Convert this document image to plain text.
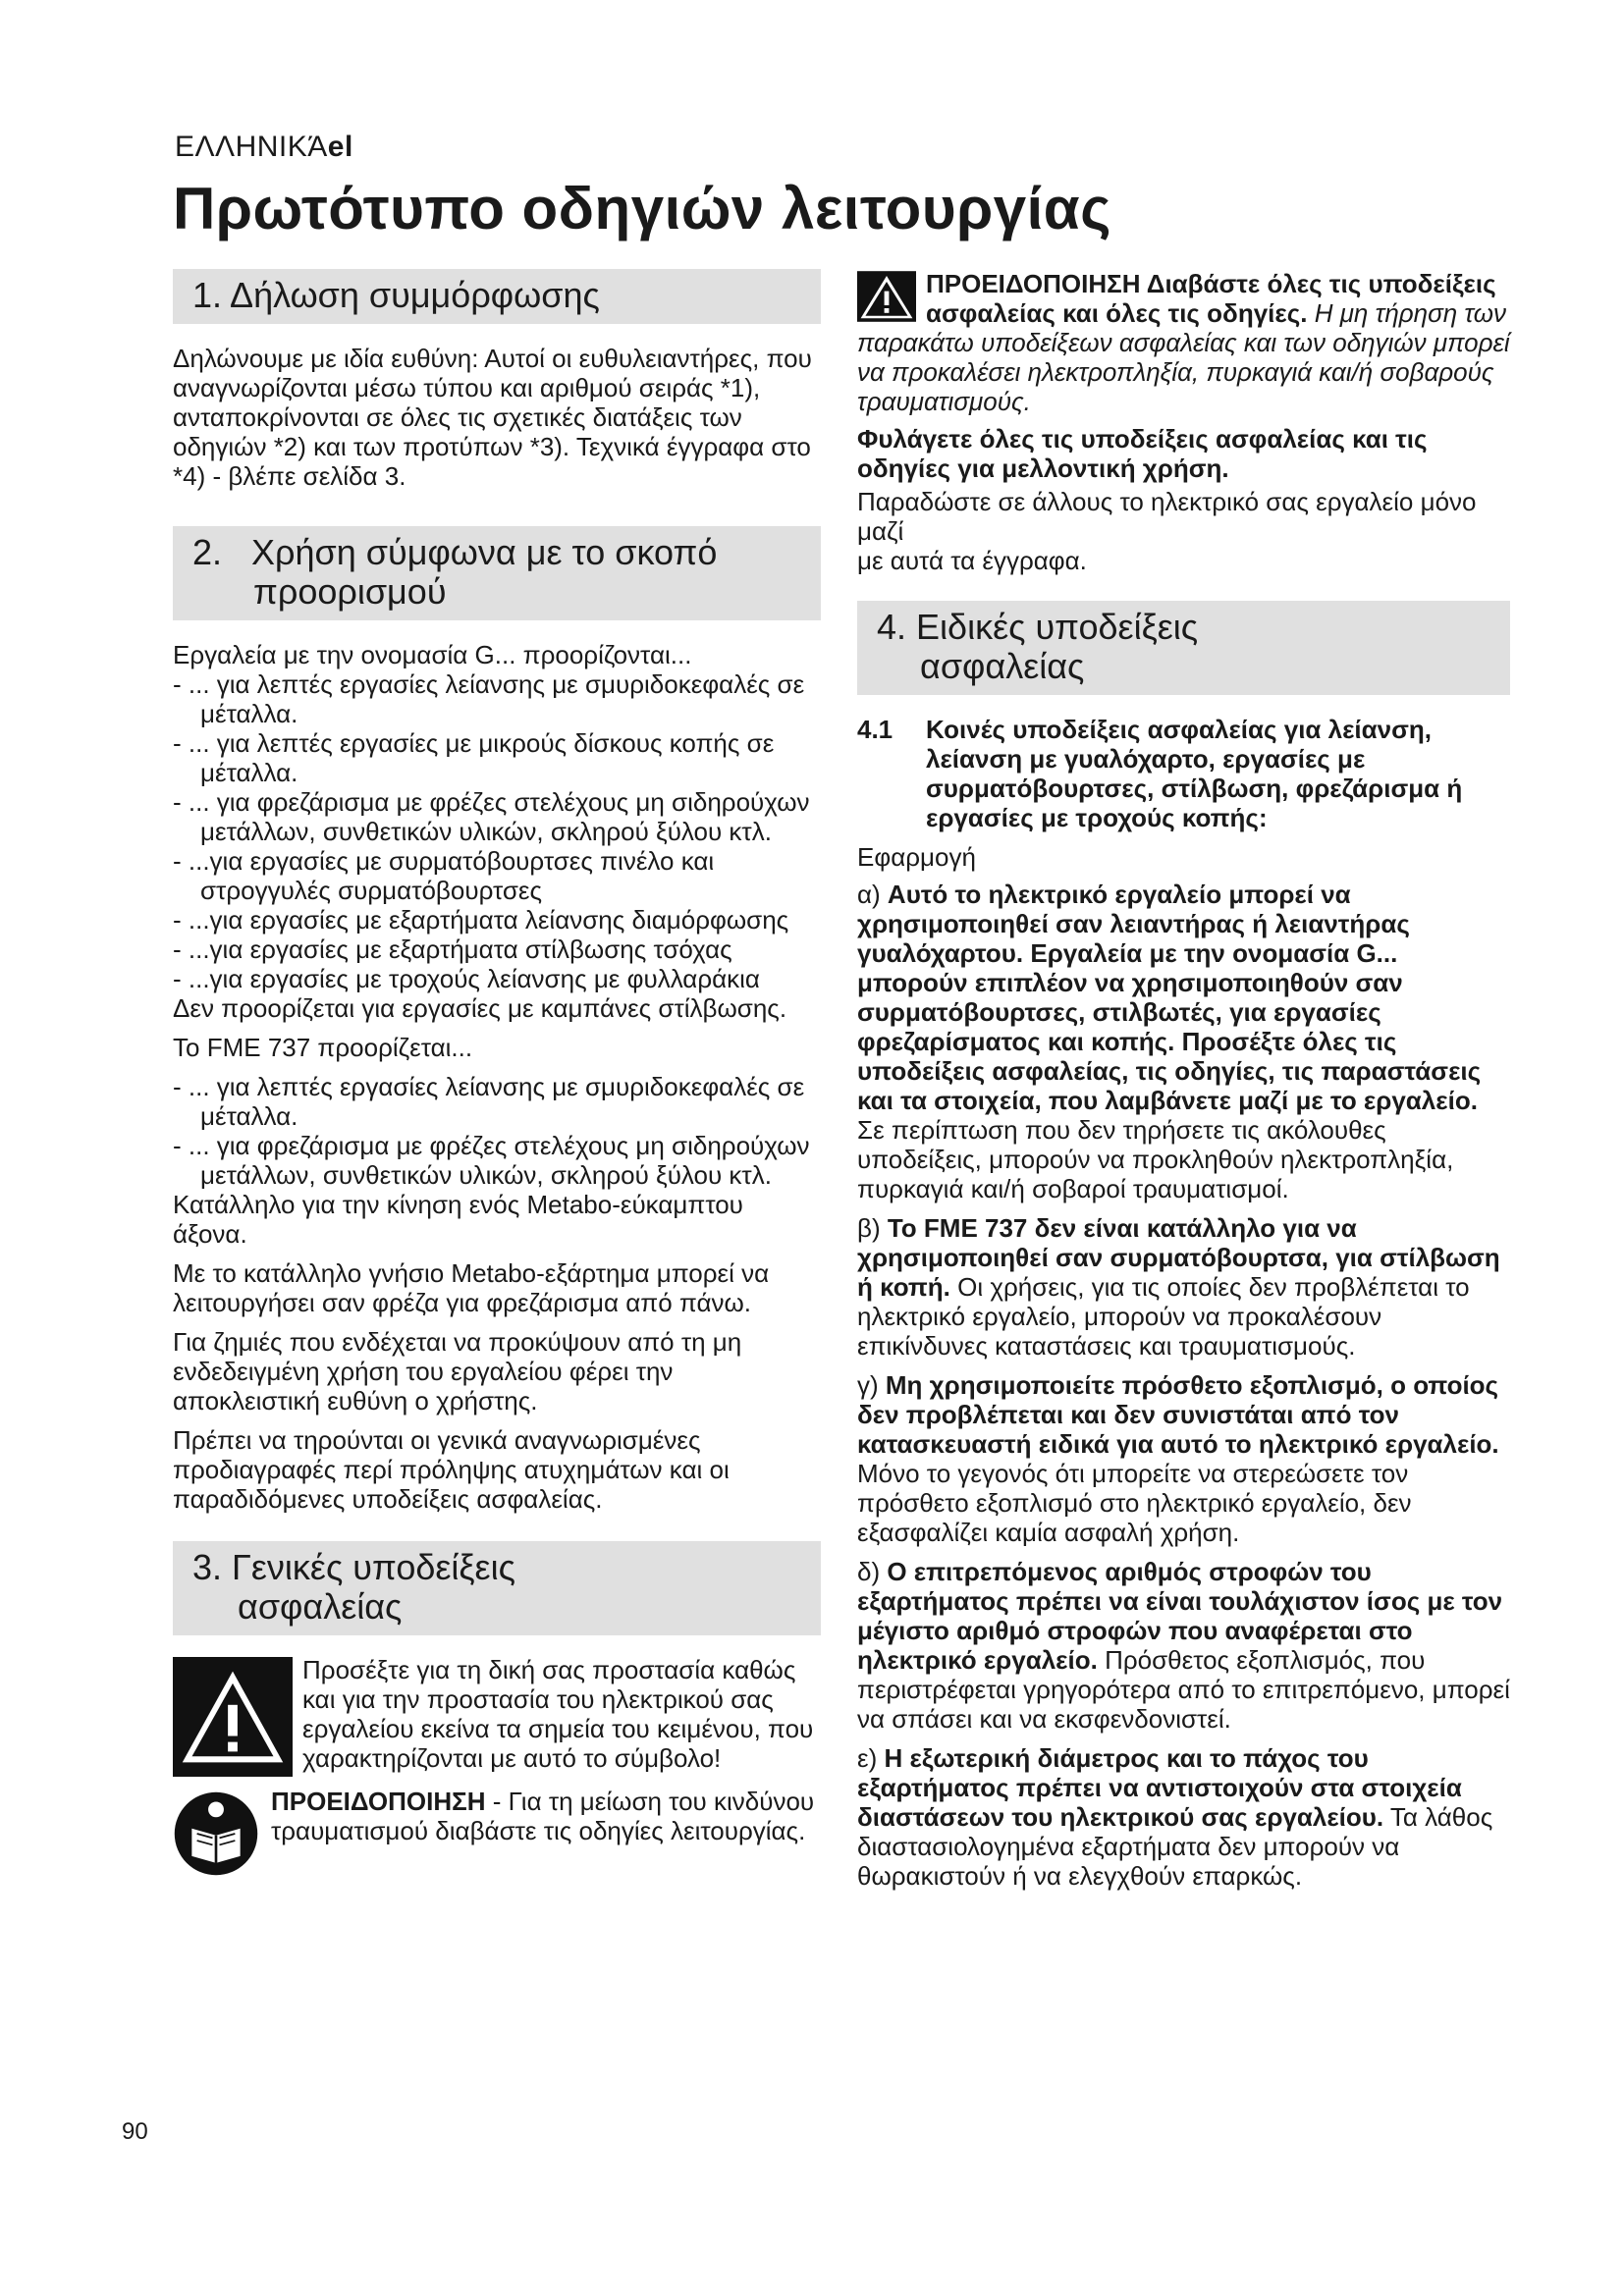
ΕΛΛΗΝΙΚΆel
Πρωτότυπο οδηγιών λειτουργίας
1. Δήλωση συμμόρφωσης

Δηλώνουμε με ιδία ευθύνη: Αυτοί οι ευθυλειαντήρες, που αναγνωρίζονται μέσω τύπου και αριθμού σειράς *1), ανταποκρίνονται σε όλες τις σχετικές διατάξεις των οδηγιών *2) και των προτύπων *3). Τεχνικά έγγραφα στο *4) - βλέπε σελίδα 3.

2. Χρήση σύμφωνα με το σκοπό
προορισμού

Εργαλεία με την ονομασία G... προορίζονται...

- ... για λεπτές εργασίες λείανσης με σμυριδοκεφαλές σε μέταλλα.

- ... για λεπτές εργασίες με μικρούς δίσκους κοπής σε μέταλλα.

- ... για φρεζάρισμα με φρέζες στελέχους μη σιδηρούχων μετάλλων, συνθετικών υλικών, σκληρού ξύλου κτλ.

- ...για εργασίες με συρματόβουρτσες πινέλο και στρογγυλές συρματόβουρτσες

- ...για εργασίες με εξαρτήματα λείανσης διαμόρφωσης

- ...για εργασίες με εξαρτήματα στίλβωσης τσόχας

- ...για εργασίες με τροχούς λείανσης με φυλλαράκια

Δεν προορίζεται για εργασίες με καμπάνες στίλβωσης.

Το FME 737 προορίζεται...

- ... για λεπτές εργασίες λείανσης με σμυριδοκεφαλές σε μέταλλα.

- ... για φρεζάρισμα με φρέζες στελέχους μη σιδηρούχων μετάλλων, συνθετικών υλικών, σκληρού ξύλου κτλ.

Κατάλληλο για την κίνηση ενός Metabo-εύκαμπτου άξονα.

Με το κατάλληλο γνήσιο Metabo-εξάρτημα μπορεί να λειτουργήσει σαν φρέζα για φρεζάρισμα από πάνω.

Για ζημιές που ενδέχεται να προκύψουν από τη μη ενδεδειγμένη χρήση του εργαλείου φέρει την αποκλειστική ευθύνη ο χρήστης.

Πρέπει να τηρούνται οι γενικά αναγνωρισμένες προδιαγραφές περί πρόληψης ατυχημάτων και οι παραδιδόμενες υποδείξεις ασφαλείας.

3. Γενικές υποδείξεις
ασφαλείας

Προσέξτε για τη δική σας προστασία καθώς και για την προστασία του ηλεκτρικού σας εργαλείου εκείνα τα σημεία του κειμένου, που χαρακτηρίζονται με αυτό το σύμβολο!

ΠΡΟΕΙΔΟΠΟΙΗΣΗ - Για τη μείωση του κινδύνου τραυματισμού διαβάστε τις οδηγίες λειτουργίας.

ΠΡΟΕΙΔΟΠΟΙΗΣΗ Διαβάστε όλες τις υποδείξεις ασφαλείας και όλες τις οδηγίες. Η μη τήρηση των παρακάτω υποδείξεων ασφαλείας και των οδηγιών μπορεί να προκαλέσει ηλεκτροπληξία, πυρκαγιά και/ή σοβαρούς τραυματισμούς.

Φυλάγετε όλες τις υποδείξεις ασφαλείας και τις οδηγίες για μελλοντική χρήση.

Παραδώστε σε άλλους το ηλεκτρικό σας εργαλείο μόνο μαζί

με αυτά τα έγγραφα.

4. Ειδικές υποδείξεις
ασφαλείας
4.1	Κοινές υποδείξεις ασφαλείας για λείανση, λείανση με γυαλόχαρτο, εργασίες με συρματόβουρτσες, στίλβωση, φρεζάρισμα ή εργασίες με τροχούς κοπής:

Εφαρμογή

α) Αυτό το ηλεκτρικό εργαλείο μπορεί να χρησιμοποιηθεί σαν λειαντήρας ή λειαντήρας γυαλόχαρτου. Εργαλεία με την ονομασία G... μπορούν επιπλέον να χρησιμοποιηθούν σαν συρματόβουρτσες, στιλβωτές, για εργασίες φρεζαρίσματος και κοπής. Προσέξτε όλες τις υποδείξεις ασφαλείας, τις οδηγίες, τις παραστάσεις και τα στοιχεία, που λαμβάνετε μαζί με το εργαλείο. Σε περίπτωση που δεν τηρήσετε τις ακόλουθες υποδείξεις, μπορούν να προκληθούν ηλεκτροπληξία, πυρκαγιά και/ή σοβαροί τραυματισμοί.

β) Το FME 737 δεν είναι κατάλληλο για να χρησιμοποιηθεί σαν συρματόβουρτσα, για στίλβωση ή κοπή. Οι χρήσεις, για τις οποίες δεν προβλέπεται το ηλεκτρικό εργαλείο, μπορούν να προκαλέσουν επικίνδυνες καταστάσεις και τραυματισμούς.

γ) Μη χρησιμοποιείτε πρόσθετο εξοπλισμό, ο οποίος δεν προβλέπεται και δεν συνιστάται από τον κατασκευαστή ειδικά για αυτό το ηλεκτρικό εργαλείο. Μόνο το γεγονός ότι μπορείτε να στερεώσετε τον πρόσθετο εξοπλισμό στο ηλεκτρικό εργαλείο, δεν εξασφαλίζει καμία ασφαλή χρήση.

δ) Ο επιτρεπόμενος αριθμός στροφών του εξαρτήματος πρέπει να είναι τουλάχιστον ίσος με τον μέγιστο αριθμό στροφών που αναφέρεται στο ηλεκτρικό εργαλείο. Πρόσθετος εξοπλισμός, που περιστρέφεται γρηγορότερα από το επιτρεπόμενο, μπορεί να σπάσει και να εκσφενδονιστεί.

ε) Η εξωτερική διάμετρος και το πάχος του εξαρτήματος πρέπει να αντιστοιχούν στα στοιχεία διαστάσεων του ηλεκτρικού σας εργαλείου. Τα λάθος διαστασιολογημένα εξαρτήματα δεν μπορούν να θωρακιστούν ή να ελεγχθούν επαρκώς.

90
